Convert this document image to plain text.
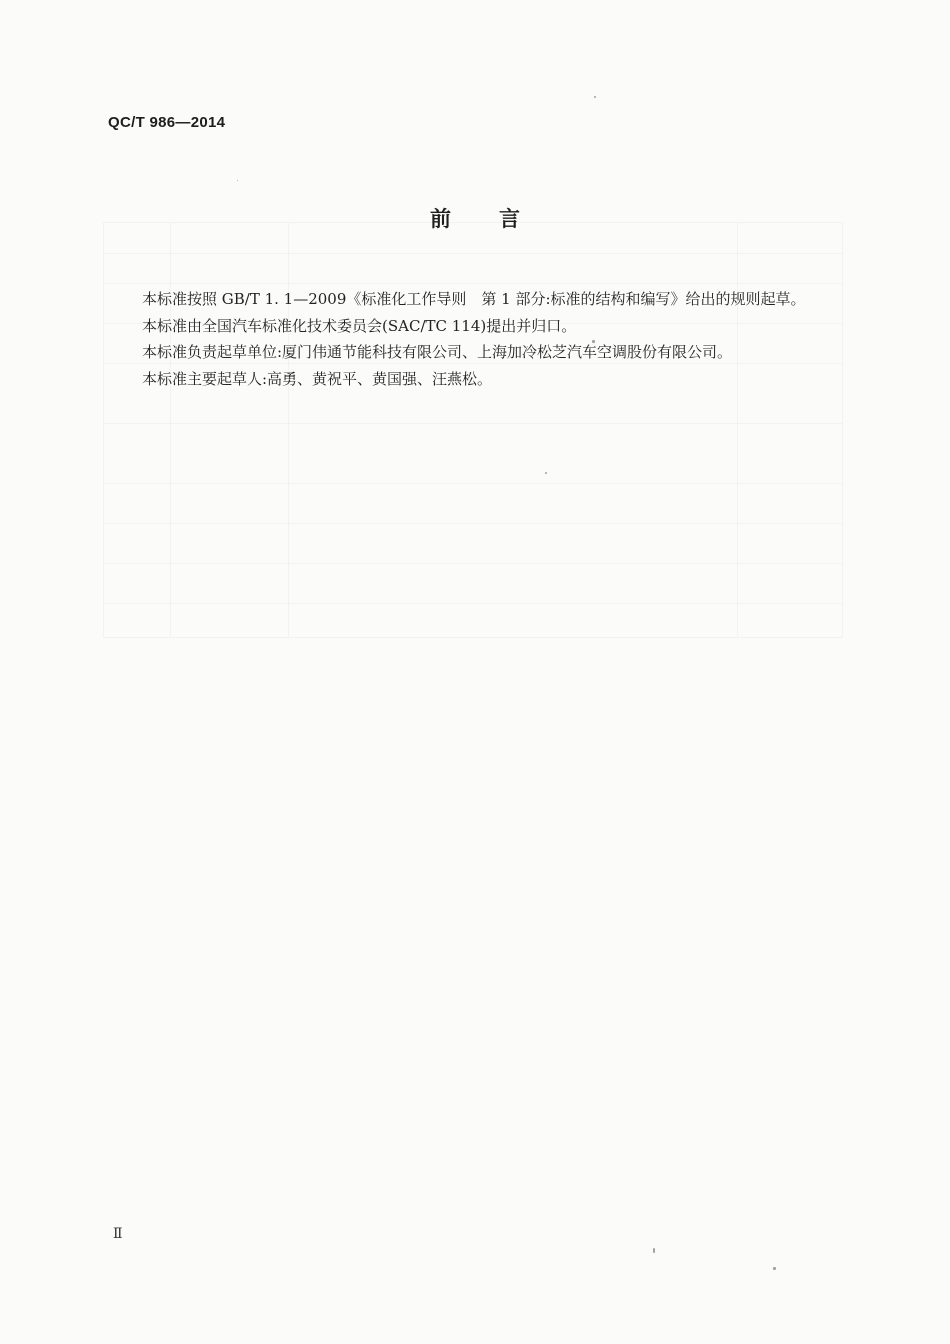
QC/T 986—2014
前言

本标准按照 GB/T 1. 1—2009《标准化工作导则　第 1 部分:标准的结构和编写》给出的规则起草。

本标准由全国汽车标准化技术委员会(SAC/TC 114)提出并归口。

本标准负责起草单位:厦门伟通节能科技有限公司、上海加冷松芝汽车空调股份有限公司。

本标准主要起草人:高勇、黄祝平、黄国强、汪燕松。

Ⅱ
